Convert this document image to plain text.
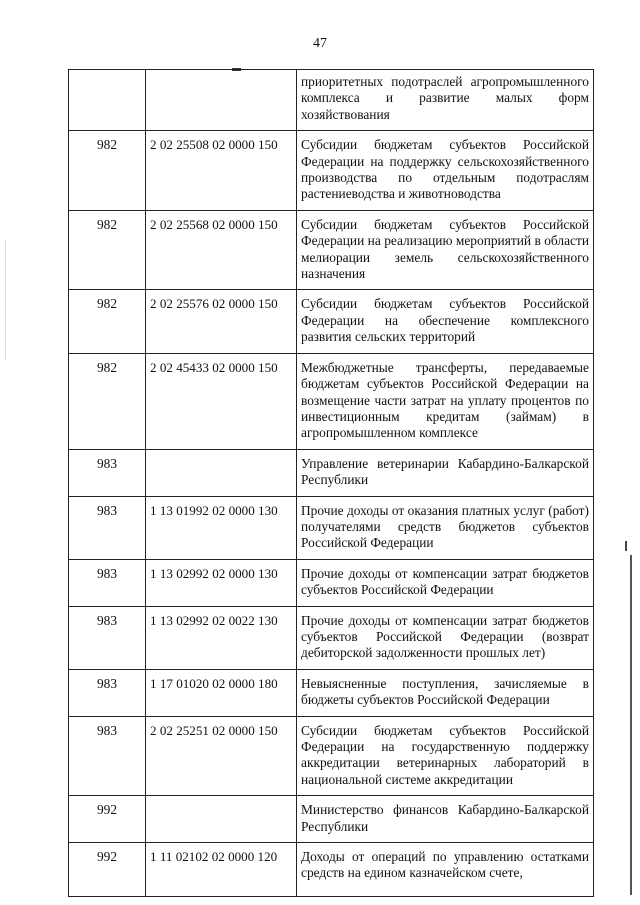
47
		приоритетных подотраслей агропромышленного комплекса и развитие малых форм хозяйствования
982	2 02 25508 02 0000 150	Субсидии бюджетам субъектов Российской Федерации на поддержку сельскохозяйственного производства по отдельным подотраслям растениеводства и животноводства
982	2 02 25568 02 0000 150	Субсидии бюджетам субъектов Российской Федерации на реализацию мероприятий в области мелиорации земель сельскохозяйственного назначения
982	2 02 25576 02 0000 150	Субсидии бюджетам субъектов Российской Федерации на обеспечение комплексного развития сельских территорий
982	2 02 45433 02 0000 150	Межбюджетные трансферты, передаваемые бюджетам субъектов Российской Федерации на возмещение части затрат на уплату процентов по инвестиционным кредитам (займам) в агропромышленном комплексе
983		Управление ветеринарии Кабардино-Балкарской Республики
983	1 13 01992 02 0000 130	Прочие доходы от оказания платных услуг (работ) получателями средств бюджетов субъектов Российской Федерации
983	1 13 02992 02 0000 130	Прочие доходы от компенсации затрат бюджетов субъектов Российской Федерации
983	1 13 02992 02 0022 130	Прочие доходы от компенсации затрат бюджетов субъектов Российской Федерации (возврат дебиторской задолженности прошлых лет)
983	1 17 01020 02 0000 180	Невыясненные поступления, зачисляемые в бюджеты субъектов Российской Федерации
983	2 02 25251 02 0000 150	Субсидии бюджетам субъектов Российской Федерации на государственную поддержку аккредитации ветеринарных лабораторий в национальной системе аккредитации
992		Министерство финансов Кабардино-Балкарской Республики
992	1 11 02102 02 0000 120	Доходы от операций по управлению остатками средств на едином казначейском счете,
